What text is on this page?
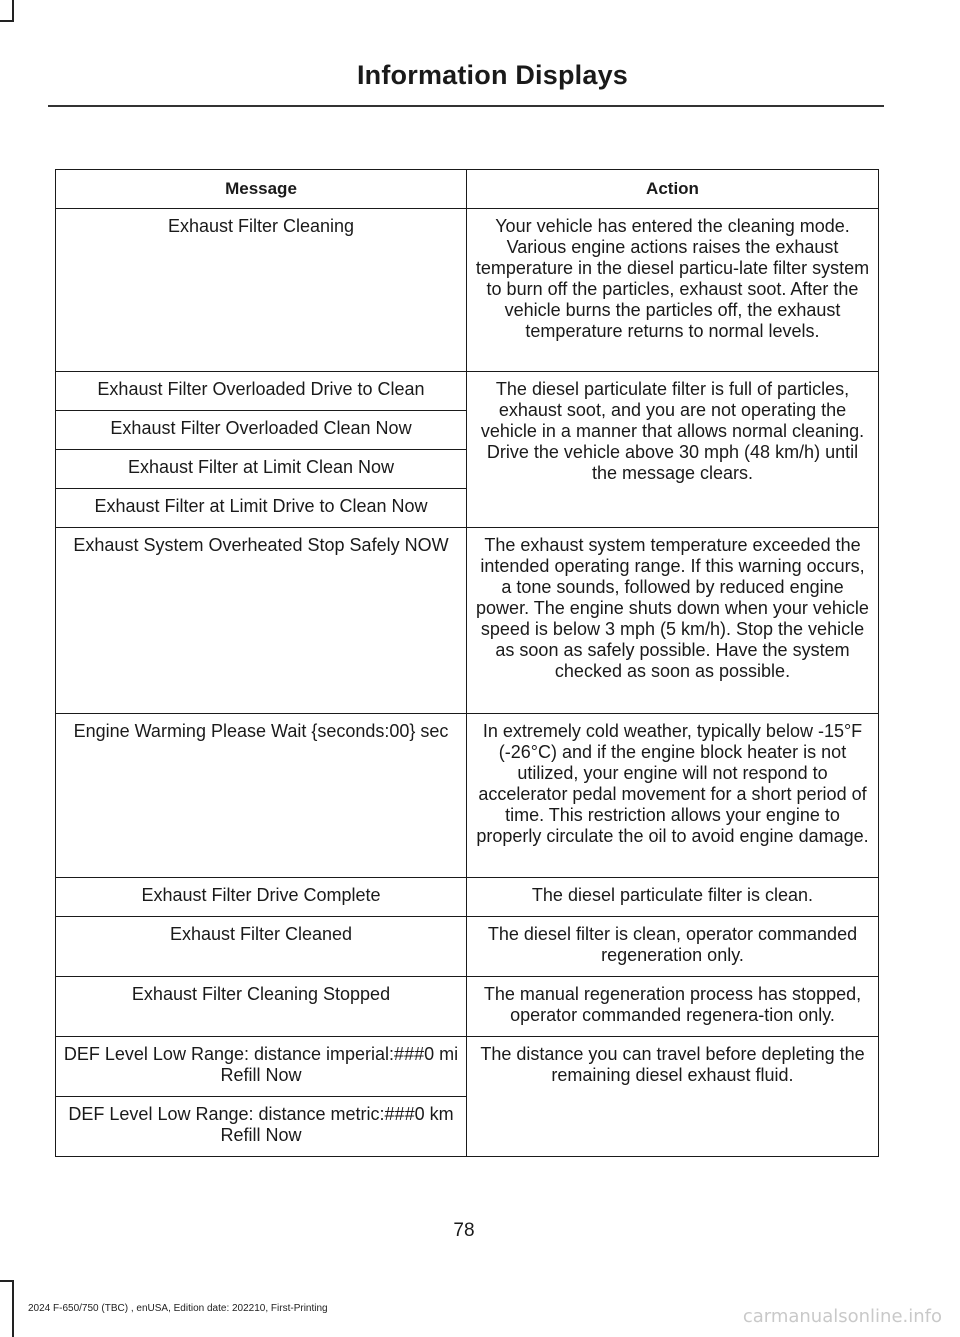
Information Displays
Message	Action
Exhaust Filter Cleaning	Your vehicle has entered the cleaning mode. Various engine actions raises the exhaust temperature in the diesel particu-late filter system to burn off the particles, exhaust soot. After the vehicle burns the particles off, the exhaust temperature returns to normal levels.
Exhaust Filter Overloaded Drive to Clean	The diesel particulate filter is full of particles, exhaust soot, and you are not operating the vehicle in a manner that allows normal cleaning. Drive the vehicle above 30 mph (48 km/h) until the message clears.
Exhaust Filter Overloaded Clean Now	
Exhaust Filter at Limit Clean Now	
Exhaust Filter at Limit Drive to Clean Now	
Exhaust System Overheated Stop Safely NOW	The exhaust system temperature exceeded the intended operating range. If this warning occurs, a tone sounds, followed by reduced engine power. The engine shuts down when your vehicle speed is below 3 mph (5 km/h). Stop the vehicle as soon as safely possible. Have the system checked as soon as possible.
Engine Warming Please Wait {seconds:00} sec	In extremely cold weather, typically below -15°F (-26°C) and if the engine block heater is not utilized, your engine will not respond to accelerator pedal movement for a short period of time. This restriction allows your engine to properly circulate the oil to avoid engine damage.
Exhaust Filter Drive Complete	The diesel particulate filter is clean.
Exhaust Filter Cleaned	The diesel filter is clean, operator commanded regeneration only.
Exhaust Filter Cleaning Stopped	The manual regeneration process has stopped, operator commanded regenera-tion only.
DEF Level Low Range: distance imperial:###0 mi Refill Now	The distance you can travel before depleting the remaining diesel exhaust fluid.
DEF Level Low Range: distance metric:###0 km Refill Now	
78
2024 F-650/750 (TBC) , enUSA, Edition date: 202210, First-Printing	carmanualsonline.info
